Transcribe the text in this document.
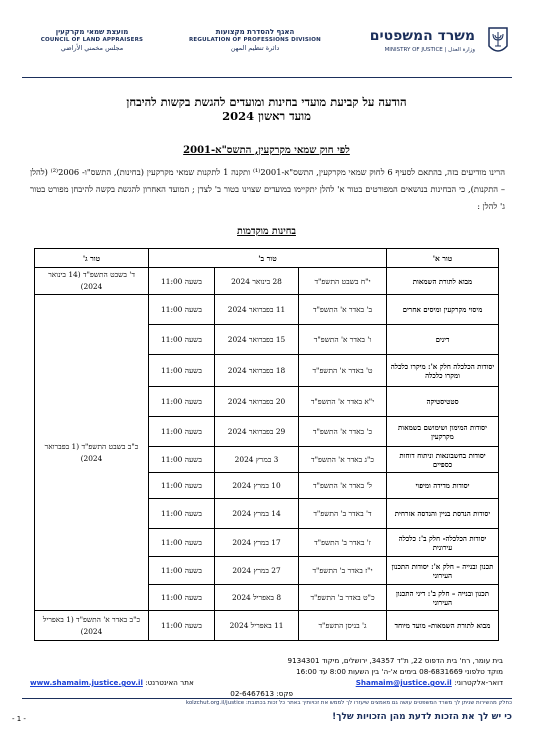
מועצת שמאי מקרקעין
COUNCIL OF LAND APPRAISERS
مجلس مخمني الأراضي
האגף להסדרת מקצועות
REGULATION OF PROFESSIONS DIVISION
دائرة تنظيم المهن
משרד המשפטים
MINISTRY OF JUSTICE | وزارة العدل
הודעה על קביעת מועדי בחינות ומועדים להגשת בקשות להיבחן
מועד ראשון 2024
לפי חוק שמאי מקרקעין, התשס"א-2001
הרינו מודיעים בזה, בהתאם לסעיף 6 לחוק שמאי מקרקעין, התשס"א-2001⁽¹⁾ ותקנה 1 לתקנות שמאי מקרקעין (בחינות), התשס"ו- 2006⁽²⁾ (להלן – התקנות), כי הבחינות בנושאים המפורטים בטור א' להלן יתקיימו במועדים שצוינו בטור ב' לצדן ; המועד האחרון להגשת בקשה להיבחן מפורט בטור ג' להלן :
בחינות מוקדמות
טור א'	טור ב'			טור ג'
מבוא לתורת השמאות	י"ח בשבט התשפ"ד	28 בינואר 2024	בשעה 11:00	ד' בשבט התשפ"ד (14 בינואר 2024)
מיסוי מקרקעין ומיסים אחרים	ב' באדר א' התשפ"ד	11 בפברואר 2024	בשעה 11:00	כ"ב בשבט התשפ"ד (1 בפברואר 2024)
דינים	ו' באדר א' התשפ"ד	15 בפברואר 2024	בשעה 11:00	
יסודות הכלכלה חלק א': מיקרו כלכלה ומקרו כלכלה	ט' באדר א' התשפ"ד	18 בפברואר 2024	בשעה 11:00	
סטטיסטיקה	י"א באדר א' התשפ"ד	20 בפברואר 2024	בשעה 11:00	
יסודות המימון ושימושם בשמאות מקרקעין	כ' באדר א' התשפ"ד	29 בפברואר 2024	בשעה 11:00	
יסודות בחשבונאות וניתוח דוחות כספיים	כ"ג באדר א' התשפ"ד	3 במרץ 2024	בשעה 11:00	
יסודות מדידה ומיפוי	ל' באדר א' התשפ"ד	10 במרץ 2024	בשעה 11:00	
יסודות הנדסת בניין והנדסה אזרחית	ד' באדר ב' התשפ"ד	14 במרץ 2024	בשעה 11:00	
יסודות הכלכלה- חלק ב': כלכלה עירונית	ז' באדר ב' התשפ"ד	17 במרץ 2024	בשעה 11:00	
תכנון ובנייה – חלק א': יסודות התכנון העירוני	י"ז באדר ב' התשפ"ד	27 במרץ 2024	בשעה 11:00	
תכנון ובנייה – חלק ב': דיני התכנון העירוני	כ"ט באדר ב' התשפ"ד	8 באפריל 2024	בשעה 11:00	
מבוא לתורת השמאות- מועד מיוחד	ג' בניסן התשפ"ד	11 באפריל 2024	בשעה 11:00	כ"ב באדר א' התשפ"ד (1 באפריל 2024)
בית עומר, רח' בית הדפוס 22, ת"ד 34357, ירושלים, מיקוד 9134301
מוקד טלפוני 08-6831669 בימים א'-ה' בין השעות 8:00 עד 16:00
דואר-אלקטרוני: Shamaim@justice.gov.il
אתר האינטרנט: www.shamaim.justice.gov.il
פקס: 02-6467613
כחלק מהשירות שניתן לך משרד המשפטים עושה גם מאמצים שיעזרו לך לממש את זכויותיך באתר כל זכות בכתובת: kolzchut.org.il/justice
כי יש לך את הזכות לדעת מהן הזכויות שלך!
- 1 -
